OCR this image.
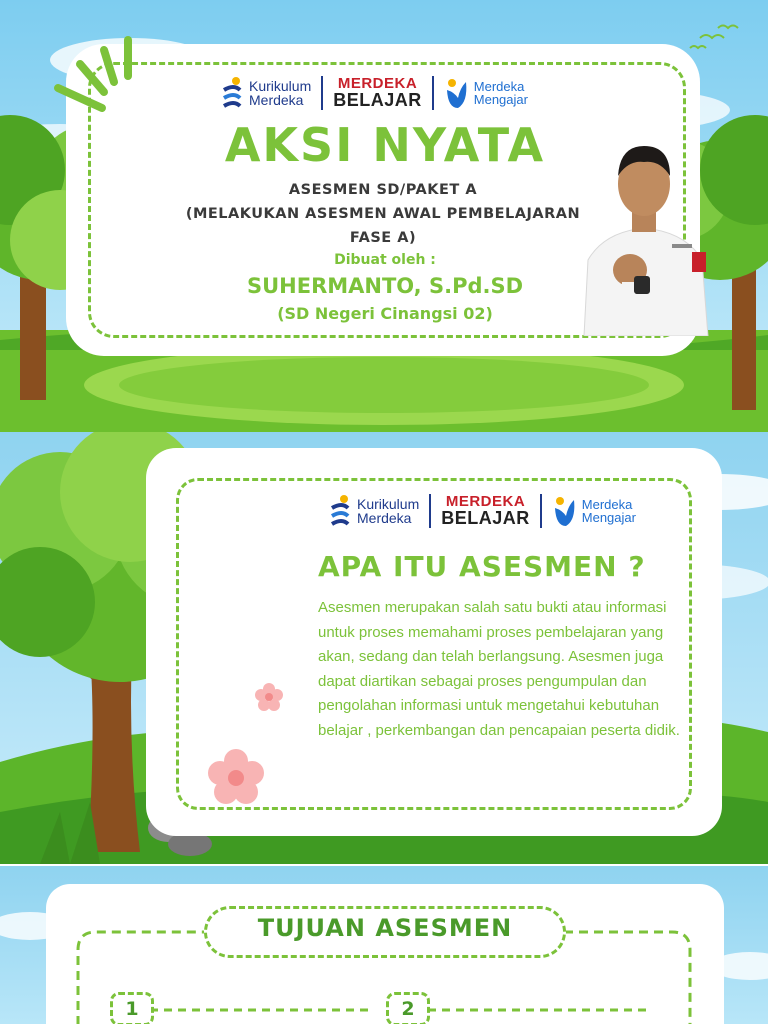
Kurikulum
Merdeka
MERDEKA
BELAJAR
Merdeka
Mengajar
AKSI NYATA
ASESMEN SD/PAKET A
(MELAKUKAN ASESMEN AWAL PEMBELAJARAN
FASE A)
Dibuat oleh :
SUHERMANTO, S.Pd.SD
(SD Negeri Cinangsi 02)
Kurikulum
Merdeka
MERDEKA
BELAJAR
Merdeka
Mengajar
APA ITU ASESMEN ?
Asesmen merupakan salah satu bukti atau informasi untuk proses memahami proses pembelajaran yang akan, sedang dan telah berlangsung. Asesmen juga dapat diartikan sebagai proses pengumpulan dan pengolahan informasi untuk mengetahui kebutuhan belajar , perkembangan dan pencapaian peserta didik.
TUJUAN ASESMEN
1	2
